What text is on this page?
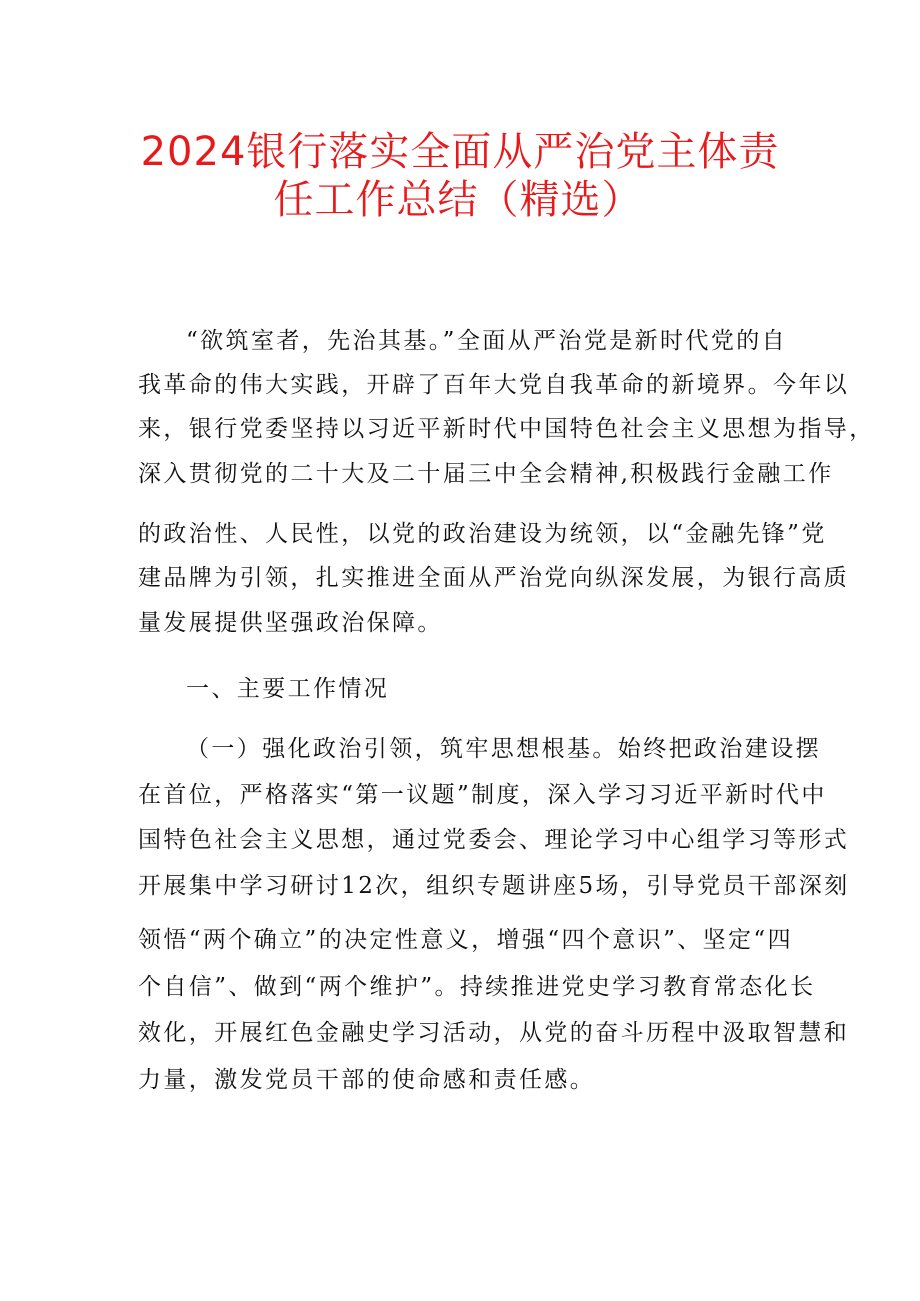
2024银行落实全面从严治党主体责
任工作总结（精选）
“欲筑室者，先治其基。”全面从严治党是新时代党的自
我革命的伟大实践，开辟了百年大党自我革命的新境界。今年以
来，银行党委坚持以习近平新时代中国特色社会主义思想为指导，
深入贯彻党的二十大及二十届三中全会精神,积极践行金融工作
的政治性、人民性，以党的政治建设为统领，以“金融先锋”党
建品牌为引领，扎实推进全面从严治党向纵深发展，为银行高质
量发展提供坚强政治保障。
一、主要工作情况
（一）强化政治引领，筑牢思想根基。始终把政治建设摆
在首位，严格落实“第一议题”制度，深入学习习近平新时代中
国特色社会主义思想，通过党委会、理论学习中心组学习等形式
开展集中学习研讨12次，组织专题讲座5场，引导党员干部深刻
领悟“两个确立”的决定性意义，增强“四个意识”、坚定“四
个自信”、做到“两个维护”。持续推进党史学习教育常态化长
效化，开展红色金融史学习活动，从党的奋斗历程中汲取智慧和
力量，激发党员干部的使命感和责任感。
